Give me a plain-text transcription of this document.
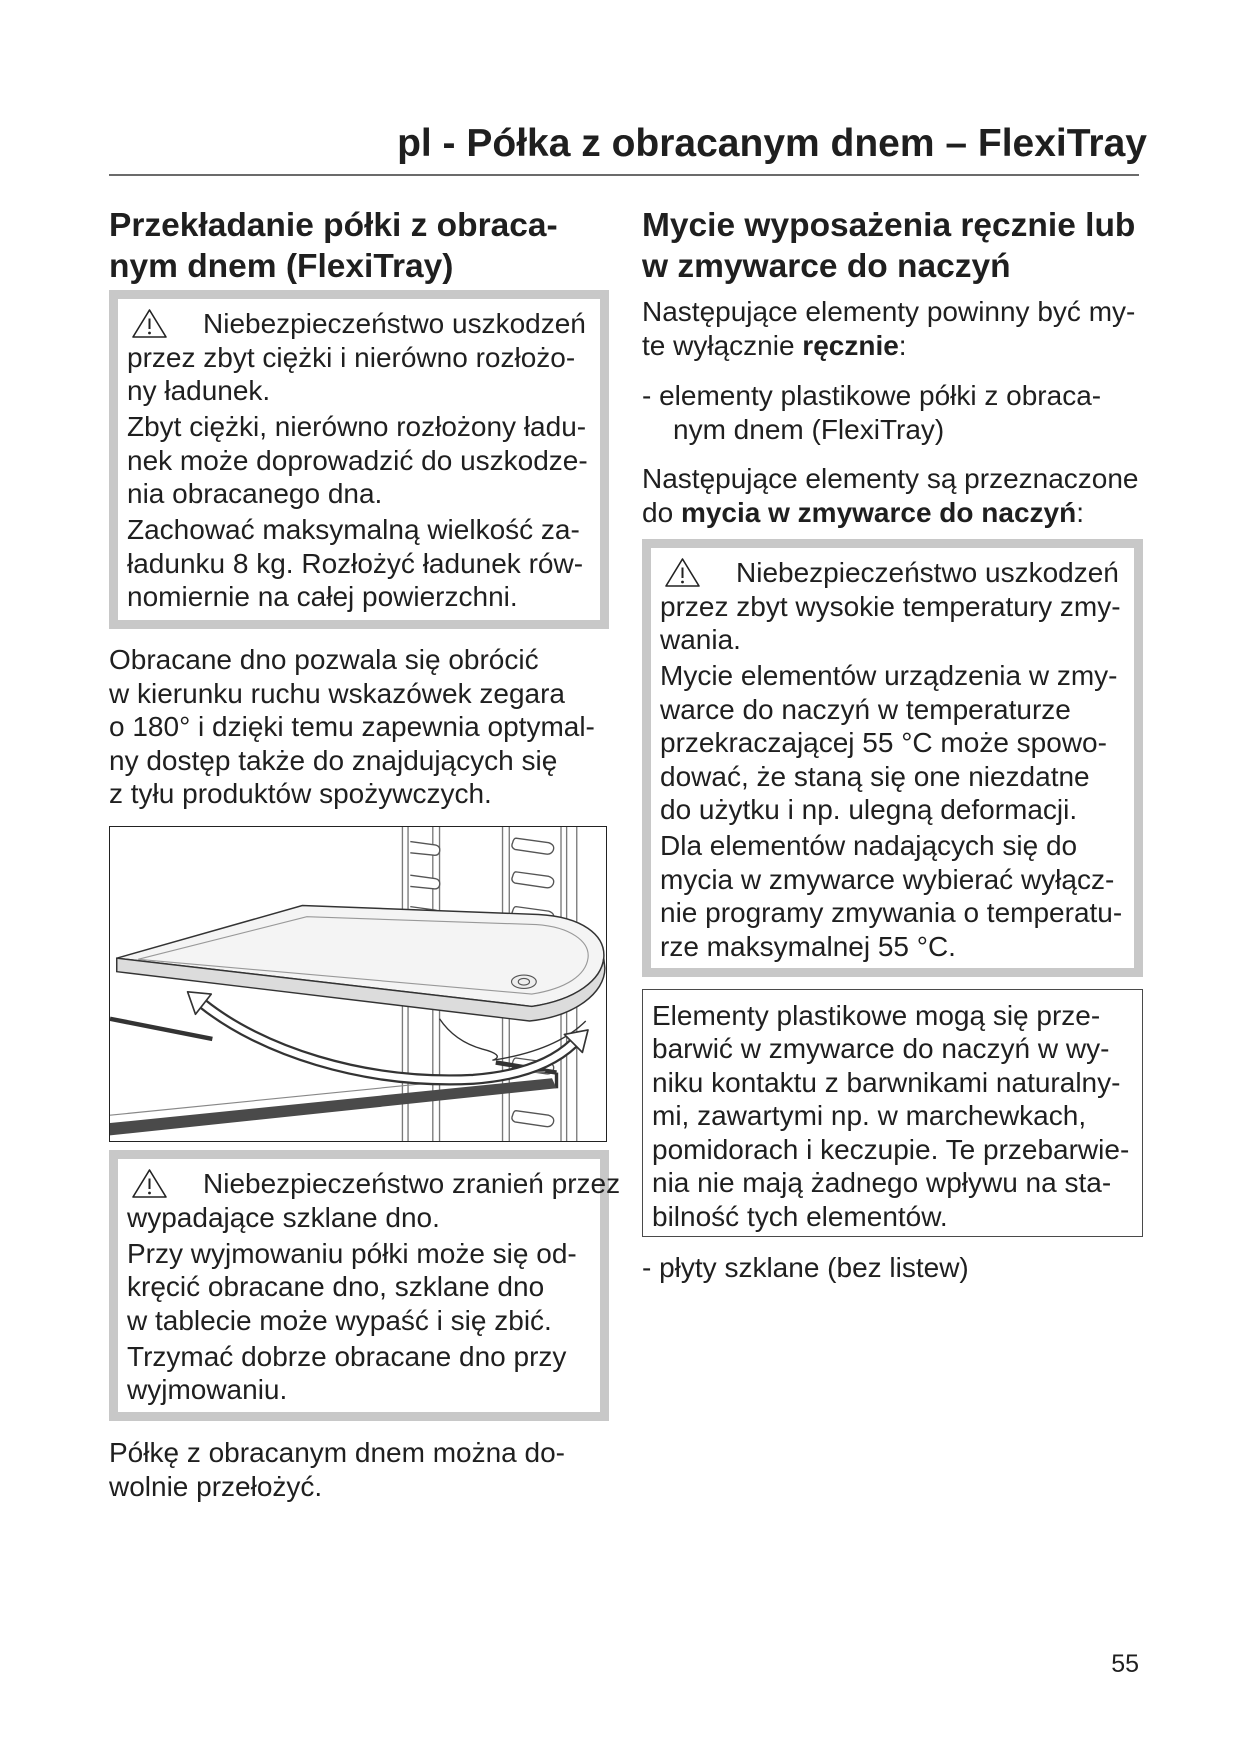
pl - Półka z obracanym dnem – FlexiTray
Przekładanie półki z obraca-
nym dnem (FlexiTray)
Niebezpieczeństwo uszkodzeń
przez zbyt ciężki i nierówno rozłożo-
ny ładunek.
Zbyt ciężki, nierówno rozłożony ładu-
nek może doprowadzić do uszkodze-
nia obracanego dna.
Zachować maksymalną wielkość za-
ładunku 8 kg. Rozłożyć ładunek rów-
nomiernie na całej powierzchni.
Obracane dno pozwala się obrócić
w kierunku ruchu wskazówek zegara
o 180° i dzięki temu zapewnia optymal-
ny dostęp także do znajdujących się
z tyłu produktów spożywczych.
Niebezpieczeństwo zranień przez
wypadające szklane dno.
Przy wyjmowaniu półki może się od-
kręcić obracane dno, szklane dno
w tablecie może wypaść i się zbić.
Trzymać dobrze obracane dno przy
wyjmowaniu.
Półkę z obracanym dnem można do-
wolnie przełożyć.
Mycie wyposażenia ręcznie lub
w zmywarce do naczyń
Następujące elementy powinny być my-
te wyłącznie ręcznie:
- elementy plastikowe półki z obraca-
nym dnem (FlexiTray)
Następujące elementy są przeznaczone
do mycia w zmywarce do naczyń:
Niebezpieczeństwo uszkodzeń
przez zbyt wysokie temperatury zmy-
wania.
Mycie elementów urządzenia w zmy-
warce do naczyń w temperaturze
przekraczającej 55 °C może spowo-
dować, że staną się one niezdatne
do użytku i np. ulegną deformacji.
Dla elementów nadających się do
mycia w zmywarce wybierać wyłącz-
nie programy zmywania o temperatu-
rze maksymalnej 55 °C.
Elementy plastikowe mogą się prze-
barwić w zmywarce do naczyń w wy-
niku kontaktu z barwnikami naturalny-
mi, zawartymi np. w marchewkach,
pomidorach i keczupie. Te przebarwie-
nia nie mają żadnego wpływu na sta-
bilność tych elementów.
- płyty szklane (bez listew)
55
